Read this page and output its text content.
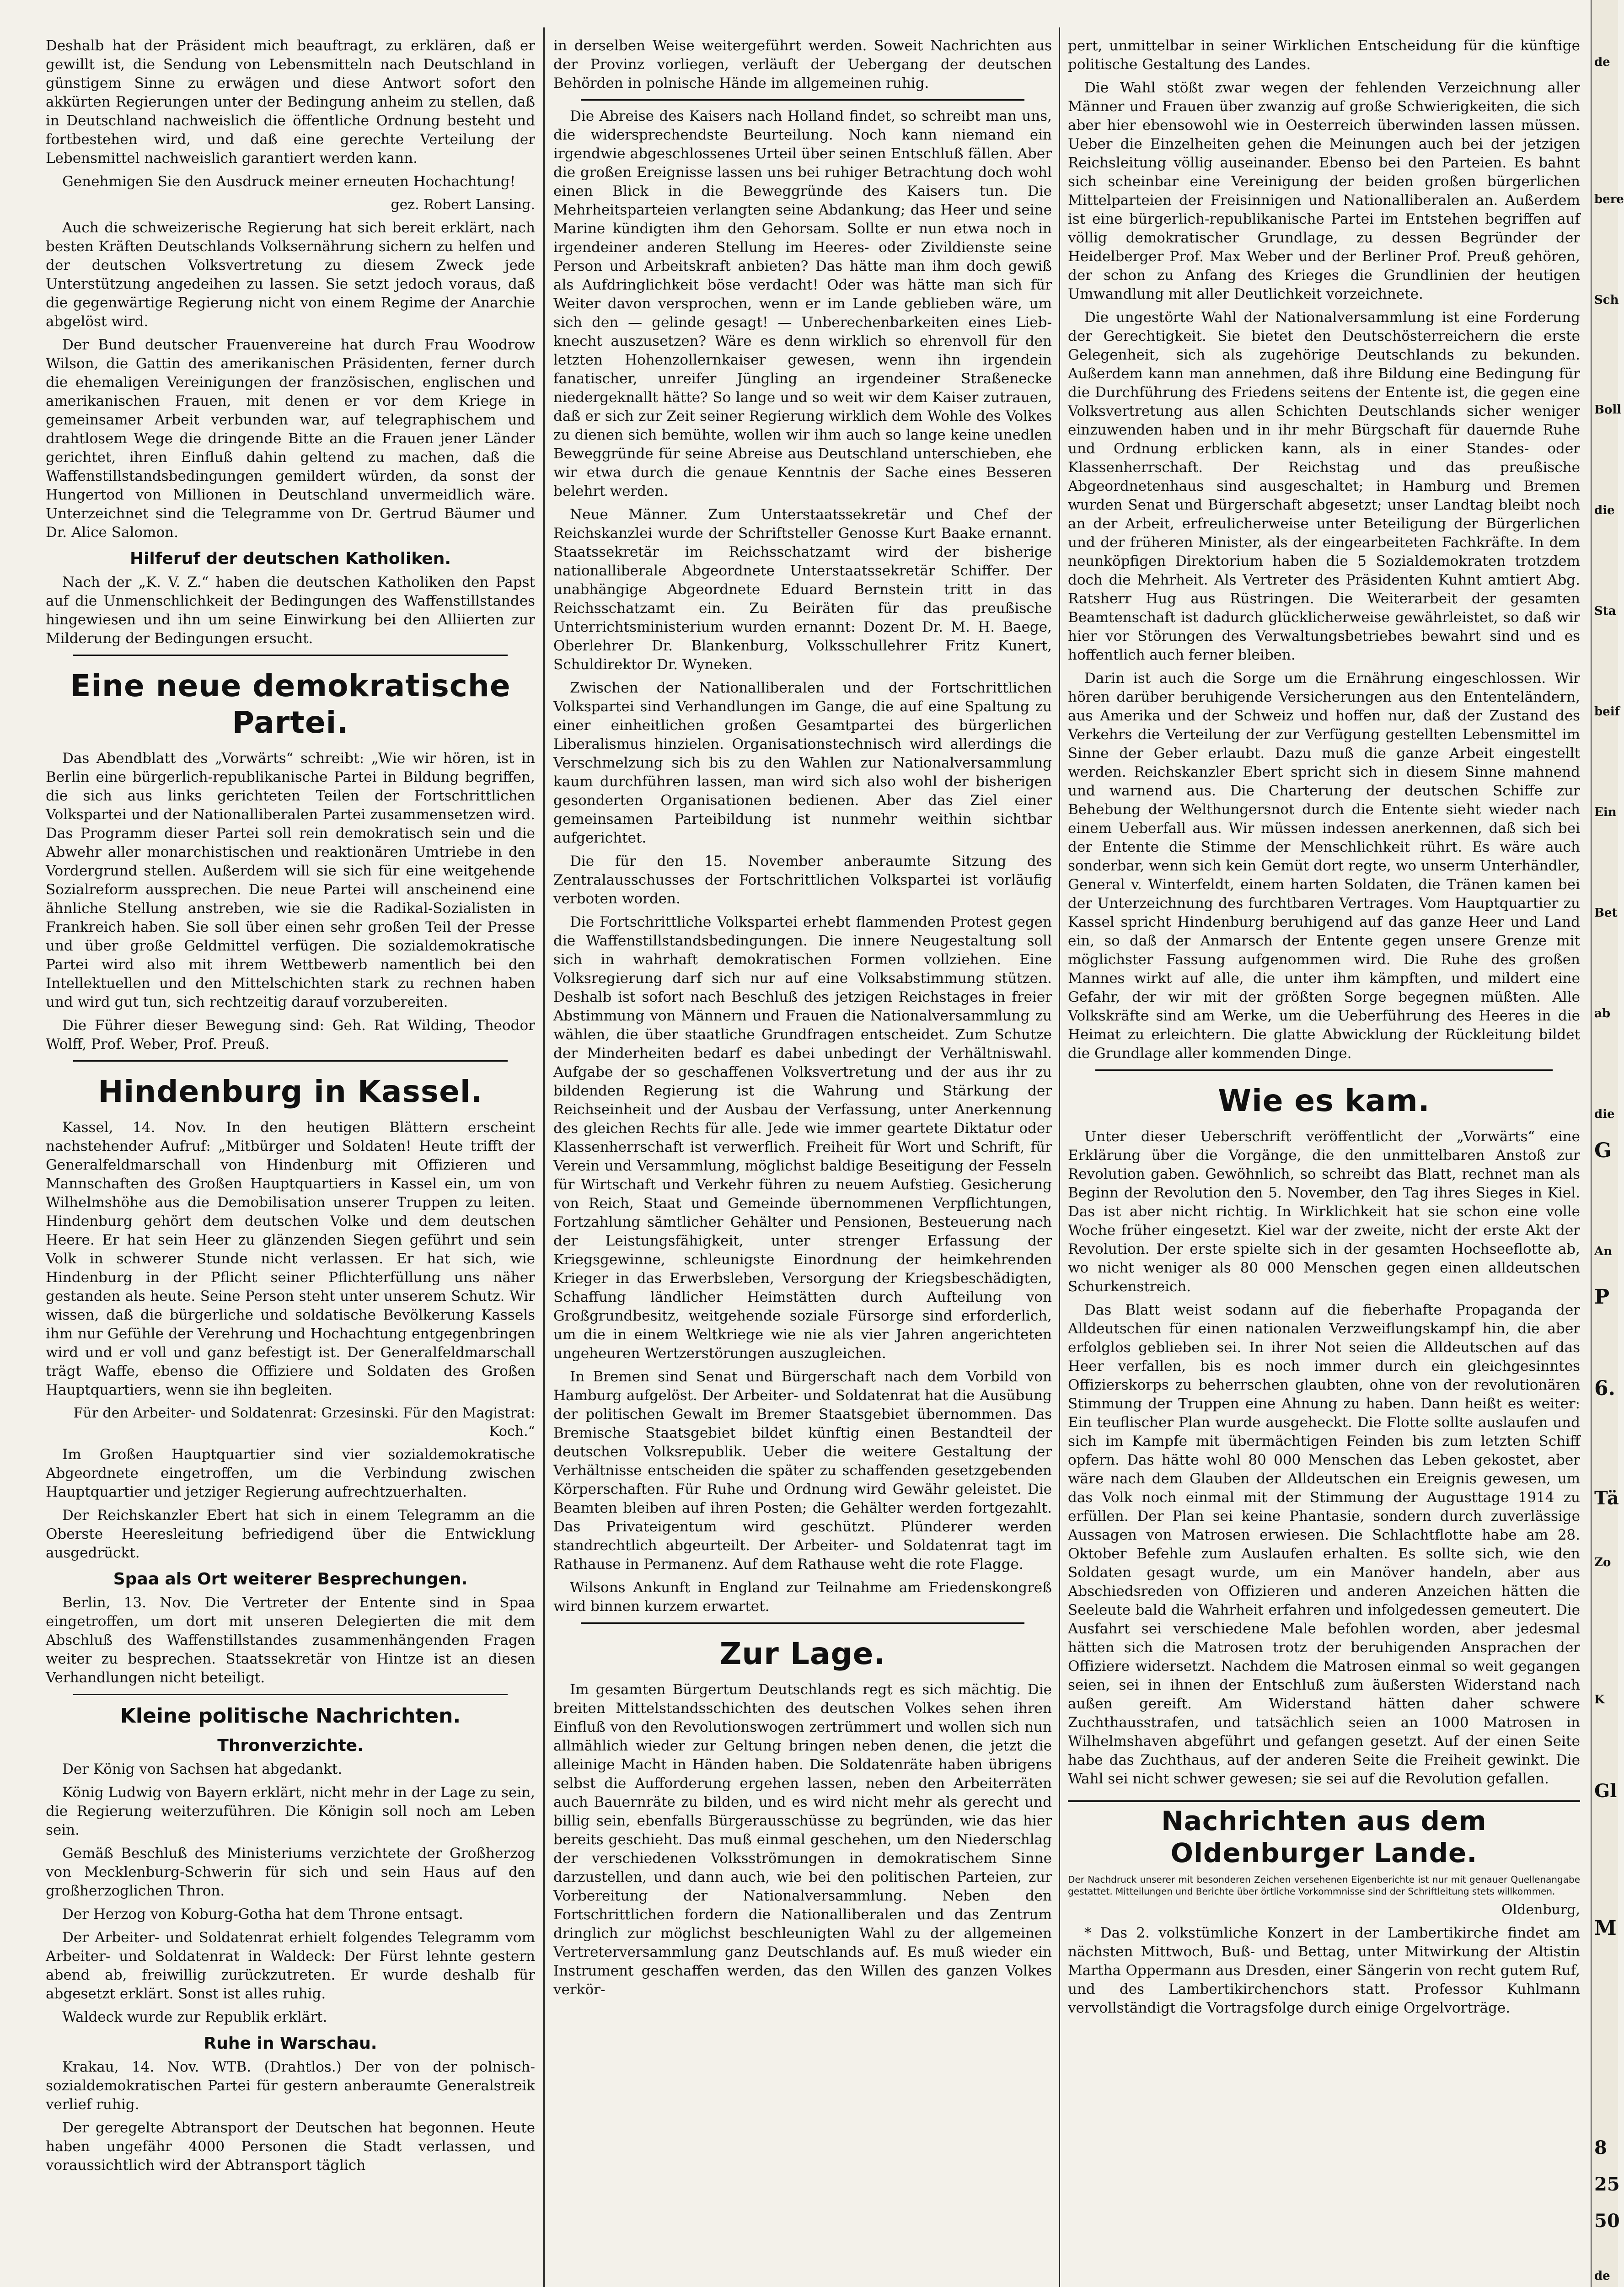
Deshalb hat der Präsident mich beauftragt, zu erklären, daß er gewillt ist, die Sendung von Lebensmitteln nach Deutschland in günstigem Sinne zu erwägen und diese Antwort sofort den akkürten Regierungen unter der Bedingung anheim zu stellen, daß in Deutschland nachweislich die öffentliche Ordnung besteht und fortbestehen wird, und daß eine gerechte Verteilung der Lebensmittel nachweislich garantiert werden kann.

Genehmigen Sie den Ausdruck meiner erneuten Hochachtung!

gez. Robert Lansing.

Auch die schweizerische Regierung hat sich bereit erklärt, nach besten Kräften Deutschlands Volksernährung sichern zu helfen und der deutschen Volksvertretung zu diesem Zweck jede Unterstützung angedeihen zu lassen. Sie setzt jedoch voraus, daß die gegenwärtige Regierung nicht von einem Regime der Anarchie abgelöst wird.

Der Bund deutscher Frauenvereine hat durch Frau Woodrow Wilson, die Gattin des amerikanischen Präsidenten, ferner durch die ehemaligen Vereinigungen der französischen, englischen und amerikanischen Frauen, mit denen er vor dem Kriege in gemeinsamer Arbeit verbunden war, auf telegraphischem und drahtlosem Wege die dringende Bitte an die Frauen jener Länder gerichtet, ihren Einfluß dahin geltend zu machen, daß die Waffenstillstandsbedingungen gemildert würden, da sonst der Hungertod von Millionen in Deutschland unvermeidlich wäre. Unterzeichnet sind die Telegramme von Dr. Gertrud Bäumer und Dr. Alice Salomon.

Hilferuf der deutschen Katholiken.

Nach der „K. V. Z.“ haben die deutschen Katholiken den Papst auf die Unmenschlichkeit der Bedingungen des Waffenstillstandes hingewiesen und ihn um seine Einwirkung bei den Alliierten zur Milderung der Bedingungen ersucht.

Eine neue demokratische Partei.

Das Abendblatt des „Vorwärts“ schreibt: „Wie wir hören, ist in Berlin eine bürgerlich-republikanische Partei in Bildung begriffen, die sich aus links gerichteten Teilen der Fortschrittlichen Volkspartei und der Nationalliberalen Partei zusammensetzen wird. Das Programm dieser Partei soll rein demokratisch sein und die Abwehr aller monarchistischen und reaktionären Umtriebe in den Vordergrund stellen. Außerdem will sie sich für eine weitgehende Sozialreform aussprechen. Die neue Partei will anscheinend eine ähnliche Stellung anstreben, wie sie die Radikal-Sozialisten in Frankreich haben. Sie soll über einen sehr großen Teil der Presse und über große Geldmittel verfügen. Die sozialdemokratische Partei wird also mit ihrem Wettbewerb namentlich bei den Intellektuellen und den Mittelschichten stark zu rechnen haben und wird gut tun, sich rechtzeitig darauf vorzubereiten.

Die Führer dieser Bewegung sind: Geh. Rat Wilding, Theodor Wolff, Prof. Weber, Prof. Preuß.

Hindenburg in Kassel.

Kassel, 14. Nov. In den heutigen Blättern erscheint nachstehender Aufruf: „Mitbürger und Soldaten! Heute trifft der Generalfeldmarschall von Hindenburg mit Offizieren und Mannschaften des Großen Hauptquartiers in Kassel ein, um von Wilhelmshöhe aus die Demobilisation unserer Truppen zu leiten. Hindenburg gehört dem deutschen Volke und dem deutschen Heere. Er hat sein Heer zu glänzenden Siegen geführt und sein Volk in schwerer Stunde nicht verlassen. Er hat sich, wie Hindenburg in der Pflicht seiner Pflichterfüllung uns näher gestanden als heute. Seine Person steht unter unserem Schutz. Wir wissen, daß die bürgerliche und soldatische Bevölkerung Kassels ihm nur Gefühle der Verehrung und Hochachtung entgegenbringen wird und er voll und ganz befestigt ist. Der Generalfeldmarschall trägt Waffe, ebenso die Offiziere und Soldaten des Großen Hauptquartiers, wenn sie ihn begleiten.

Für den Arbeiter- und Soldatenrat: Grzesinski. Für den Magistrat: Koch.“

Im Großen Hauptquartier sind vier sozialdemokratische Abgeordnete eingetroffen, um die Verbindung zwischen Hauptquartier und jetziger Regierung aufrechtzuerhalten.

Der Reichskanzler Ebert hat sich in einem Telegramm an die Oberste Heeresleitung befriedigend über die Entwicklung ausgedrückt.

Spaa als Ort weiterer Besprechungen.

Berlin, 13. Nov. Die Vertreter der Entente sind in Spaa eingetroffen, um dort mit unseren Delegierten die mit dem Abschluß des Waffenstillstandes zusammenhängenden Fragen weiter zu besprechen. Staatssekretär von Hintze ist an diesen Verhandlungen nicht beteiligt.

Kleine politische Nachrichten.
Thronverzichte.

Der König von Sachsen hat abgedankt.

König Ludwig von Bayern erklärt, nicht mehr in der Lage zu sein, die Regierung weiterzuführen. Die Königin soll noch am Leben sein.

Gemäß Beschluß des Ministeriums verzichtete der Großherzog von Mecklenburg-Schwerin für sich und sein Haus auf den großherzoglichen Thron.

Der Herzog von Koburg-Gotha hat dem Throne entsagt.

Der Arbeiter- und Soldatenrat erhielt folgendes Telegramm vom Arbeiter- und Soldatenrat in Waldeck: Der Fürst lehnte gestern abend ab, freiwillig zurückzutreten. Er wurde deshalb für abgesetzt erklärt. Sonst ist alles ruhig.

Waldeck wurde zur Republik erklärt.

Ruhe in Warschau.

Krakau, 14. Nov. WTB. (Drahtlos.) Der von der polnisch-sozialdemokratischen Partei für gestern anberaumte Generalstreik verlief ruhig.

Der geregelte Abtransport der Deutschen hat begonnen. Heute haben ungefähr 4000 Personen die Stadt verlassen, und voraussichtlich wird der Abtransport täglich

in derselben Weise weitergeführt werden. Soweit Nachrichten aus der Provinz vorliegen, verläuft der Uebergang der deutschen Behörden in polnische Hände im allgemeinen ruhig.

Die Abreise des Kaisers nach Holland findet, so schreibt man uns, die widersprechendste Beurteilung. Noch kann niemand ein irgendwie abgeschlossenes Urteil über seinen Entschluß fällen. Aber die großen Ereignisse lassen uns bei ruhiger Betrachtung doch wohl einen Blick in die Beweggründe des Kaisers tun. Die Mehrheitsparteien verlangten seine Abdankung; das Heer und seine Marine kündigten ihm den Gehorsam. Sollte er nun etwa noch in irgendeiner anderen Stellung im Heeres- oder Zivildienste seine Person und Arbeitskraft anbieten? Das hätte man ihm doch gewiß als Aufdringlichkeit böse verdacht! Oder was hätte man sich für Weiter davon versprochen, wenn er im Lande geblieben wäre, um sich den — gelinde gesagt! — Unberechenbarkeiten eines Liebknecht auszusetzen? Wäre es denn wirklich so ehrenvoll für den letzten Hohenzollernkaiser gewesen, wenn ihn irgendein fanatischer, unreifer Jüngling an irgendeiner Straßenecke niedergeknallt hätte? So lange und so weit wir dem Kaiser zutrauen, daß er sich zur Zeit seiner Regierung wirklich dem Wohle des Volkes zu dienen sich bemühte, wollen wir ihm auch so lange keine unedlen Beweggründe für seine Abreise aus Deutschland unterschieben, ehe wir etwa durch die genaue Kenntnis der Sache eines Besseren belehrt werden.

Neue Männer. Zum Unterstaatssekretär und Chef der Reichskanzlei wurde der Schriftsteller Genosse Kurt Baake ernannt. Staatssekretär im Reichsschatzamt wird der bisherige nationalliberale Abgeordnete Unterstaatssekretär Schiffer. Der unabhängige Abgeordnete Eduard Bernstein tritt in das Reichsschatzamt ein. Zu Beiräten für das preußische Unterrichtsministerium wurden ernannt: Dozent Dr. M. H. Baege, Oberlehrer Dr. Blankenburg, Volksschullehrer Fritz Kunert, Schuldirektor Dr. Wyneken.

Zwischen der Nationalliberalen und der Fortschrittlichen Volkspartei sind Verhandlungen im Gange, die auf eine Spaltung zu einer einheitlichen großen Gesamtpartei des bürgerlichen Liberalismus hinzielen. Organisationstechnisch wird allerdings die Verschmelzung sich bis zu den Wahlen zur Nationalversammlung kaum durchführen lassen, man wird sich also wohl der bisherigen gesonderten Organisationen bedienen. Aber das Ziel einer gemeinsamen Parteibildung ist nunmehr weithin sichtbar aufgerichtet.

Die für den 15. November anberaumte Sitzung des Zentralausschusses der Fortschrittlichen Volkspartei ist vorläufig verboten worden.

Die Fortschrittliche Volkspartei erhebt flammenden Protest gegen die Waffenstillstandsbedingungen. Die innere Neugestaltung soll sich in wahrhaft demokratischen Formen vollziehen. Eine Volksregierung darf sich nur auf eine Volksabstimmung stützen. Deshalb ist sofort nach Beschluß des jetzigen Reichstages in freier Abstimmung von Männern und Frauen die Nationalversammlung zu wählen, die über staatliche Grundfragen entscheidet. Zum Schutze der Minderheiten bedarf es dabei unbedingt der Verhältniswahl. Aufgabe der so geschaffenen Volksvertretung und der aus ihr zu bildenden Regierung ist die Wahrung und Stärkung der Reichseinheit und der Ausbau der Verfassung, unter Anerkennung des gleichen Rechts für alle. Jede wie immer geartete Diktatur oder Klassenherrschaft ist verwerflich. Freiheit für Wort und Schrift, für Verein und Versammlung, möglichst baldige Beseitigung der Fesseln für Wirtschaft und Verkehr führen zu neuem Aufstieg. Gesicherung von Reich, Staat und Gemeinde übernommenen Verpflichtungen, Fortzahlung sämtlicher Gehälter und Pensionen, Besteuerung nach der Leistungsfähigkeit, unter strenger Erfassung der Kriegsgewinne, schleunigste Einordnung der heimkehrenden Krieger in das Erwerbsleben, Versorgung der Kriegsbeschädigten, Schaffung ländlicher Heimstätten durch Aufteilung von Großgrundbesitz, weitgehende soziale Fürsorge sind erforderlich, um die in einem Weltkriege wie nie als vier Jahren angerichteten ungeheuren Wertzerstörungen auszugleichen.

In Bremen sind Senat und Bürgerschaft nach dem Vorbild von Hamburg aufgelöst. Der Arbeiter- und Soldatenrat hat die Ausübung der politischen Gewalt im Bremer Staatsgebiet übernommen. Das Bremische Staatsgebiet bildet künftig einen Bestandteil der deutschen Volksrepublik. Ueber die weitere Gestaltung der Verhältnisse entscheiden die später zu schaffenden gesetzgebenden Körperschaften. Für Ruhe und Ordnung wird Gewähr geleistet. Die Beamten bleiben auf ihren Posten; die Gehälter werden fortgezahlt. Das Privateigentum wird geschützt. Plünderer werden standrechtlich abgeurteilt. Der Arbeiter- und Soldatenrat tagt im Rathause in Permanenz. Auf dem Rathause weht die rote Flagge.

Wilsons Ankunft in England zur Teilnahme am Friedenskongreß wird binnen kurzem erwartet.

Zur Lage.

Im gesamten Bürgertum Deutschlands regt es sich mächtig. Die breiten Mittelstandsschichten des deutschen Volkes sehen ihren Einfluß von den Revolutionswogen zertrümmert und wollen sich nun allmählich wieder zur Geltung bringen neben denen, die jetzt die alleinige Macht in Händen haben. Die Soldatenräte haben übrigens selbst die Aufforderung ergehen lassen, neben den Arbeiterräten auch Bauernräte zu bilden, und es wird nicht mehr als gerecht und billig sein, ebenfalls Bürgerausschüsse zu begründen, wie das hier bereits geschieht. Das muß einmal geschehen, um den Niederschlag der verschiedenen Volksströmungen in demokratischem Sinne darzustellen, und dann auch, wie bei den politischen Parteien, zur Vorbereitung der Nationalversammlung. Neben den Fortschrittlichen fordern die Nationalliberalen und das Zentrum dringlich zur möglichst beschleunigten Wahl zu der allgemeinen Vertreterversammlung ganz Deutschlands auf. Es muß wieder ein Instrument geschaffen werden, das den Willen des ganzen Volkes verkör-

pert, unmittelbar in seiner Wirklichen Entscheidung für die künftige politische Gestaltung des Landes.

Die Wahl stößt zwar wegen der fehlenden Verzeichnung aller Männer und Frauen über zwanzig auf große Schwierigkeiten, die sich aber hier ebensowohl wie in Oesterreich überwinden lassen müssen. Ueber die Einzelheiten gehen die Meinungen auch bei der jetzigen Reichsleitung völlig auseinander. Ebenso bei den Parteien. Es bahnt sich scheinbar eine Vereinigung der beiden großen bürgerlichen Mittelparteien der Freisinnigen und Nationalliberalen an. Außerdem ist eine bürgerlich-republikanische Partei im Entstehen begriffen auf völlig demokratischer Grundlage, zu dessen Begründer der Heidelberger Prof. Max Weber und der Berliner Prof. Preuß gehören, der schon zu Anfang des Krieges die Grundlinien der heutigen Umwandlung mit aller Deutlichkeit vorzeichnete.

Die ungestörte Wahl der Nationalversammlung ist eine Forderung der Gerechtigkeit. Sie bietet den Deutschösterreichern die erste Gelegenheit, sich als zugehörige Deutschlands zu bekunden. Außerdem kann man annehmen, daß ihre Bildung eine Bedingung für die Durchführung des Friedens seitens der Entente ist, die gegen eine Volksvertretung aus allen Schichten Deutschlands sicher weniger einzuwenden haben und in ihr mehr Bürgschaft für dauernde Ruhe und Ordnung erblicken kann, als in einer Standes- oder Klassenherrschaft. Der Reichstag und das preußische Abgeordnetenhaus sind ausgeschaltet; in Hamburg und Bremen wurden Senat und Bürgerschaft abgesetzt; unser Landtag bleibt noch an der Arbeit, erfreulicherweise unter Beteiligung der Bürgerlichen und der früheren Minister, als der eingearbeiteten Fachkräfte. In dem neunköpfigen Direktorium haben die 5 Sozialdemokraten trotzdem doch die Mehrheit. Als Vertreter des Präsidenten Kuhnt amtiert Abg. Ratsherr Hug aus Rüstringen. Die Weiterarbeit der gesamten Beamtenschaft ist dadurch glücklicherweise gewährleistet, so daß wir hier vor Störungen des Verwaltungsbetriebes bewahrt sind und es hoffentlich auch ferner bleiben.

Darin ist auch die Sorge um die Ernährung eingeschlossen. Wir hören darüber beruhigende Versicherungen aus den Ententeländern, aus Amerika und der Schweiz und hoffen nur, daß der Zustand des Verkehrs die Verteilung der zur Verfügung gestellten Lebensmittel im Sinne der Geber erlaubt. Dazu muß die ganze Arbeit eingestellt werden. Reichskanzler Ebert spricht sich in diesem Sinne mahnend und warnend aus. Die Charterung der deutschen Schiffe zur Behebung der Welthungersnot durch die Entente sieht wieder nach einem Ueberfall aus. Wir müssen indessen anerkennen, daß sich bei der Entente die Stimme der Menschlichkeit rührt. Es wäre auch sonderbar, wenn sich kein Gemüt dort regte, wo unserm Unterhändler, General v. Winterfeldt, einem harten Soldaten, die Tränen kamen bei der Unterzeichnung des furchtbaren Vertrages. Vom Hauptquartier zu Kassel spricht Hindenburg beruhigend auf das ganze Heer und Land ein, so daß der Anmarsch der Entente gegen unsere Grenze mit möglichster Fassung aufgenommen wird. Die Ruhe des großen Mannes wirkt auf alle, die unter ihm kämpften, und mildert eine Gefahr, der wir mit der größten Sorge begegnen müßten. Alle Volkskräfte sind am Werke, um die Ueberführung des Heeres in die Heimat zu erleichtern. Die glatte Abwicklung der Rückleitung bildet die Grundlage aller kommenden Dinge.

Wie es kam.

Unter dieser Ueberschrift veröffentlicht der „Vorwärts“ eine Erklärung über die Vorgänge, die den unmittelbaren Anstoß zur Revolution gaben. Gewöhnlich, so schreibt das Blatt, rechnet man als Beginn der Revolution den 5. November, den Tag ihres Sieges in Kiel. Das ist aber nicht richtig. In Wirklichkeit hat sie schon eine volle Woche früher eingesetzt. Kiel war der zweite, nicht der erste Akt der Revolution. Der erste spielte sich in der gesamten Hochseeflotte ab, wo nicht weniger als 80 000 Menschen gegen einen alldeutschen Schurkenstreich.

Das Blatt weist sodann auf die fieberhafte Propaganda der Alldeutschen für einen nationalen Verzweiflungskampf hin, die aber erfolglos geblieben sei. In ihrer Not seien die Alldeutschen auf das Heer verfallen, bis es noch immer durch ein gleichgesinntes Offizierskorps zu beherrschen glaubten, ohne von der revolutionären Stimmung der Truppen eine Ahnung zu haben. Dann heißt es weiter: Ein teuflischer Plan wurde ausgeheckt. Die Flotte sollte auslaufen und sich im Kampfe mit übermächtigen Feinden bis zum letzten Schiff opfern. Das hätte wohl 80 000 Menschen das Leben gekostet, aber wäre nach dem Glauben der Alldeutschen ein Ereignis gewesen, um das Volk noch einmal mit der Stimmung der Augusttage 1914 zu erfüllen. Der Plan sei keine Phantasie, sondern durch zuverlässige Aussagen von Matrosen erwiesen. Die Schlachtflotte habe am 28. Oktober Befehle zum Auslaufen erhalten. Es sollte sich, wie den Soldaten gesagt wurde, um ein Manöver handeln, aber aus Abschiedsreden von Offizieren und anderen Anzeichen hätten die Seeleute bald die Wahrheit erfahren und infolgedessen gemeutert. Die Ausfahrt sei verschiedene Male befohlen worden, aber jedesmal hätten sich die Matrosen trotz der beruhigenden Ansprachen der Offiziere widersetzt. Nachdem die Matrosen einmal so weit gegangen seien, sei in ihnen der Entschluß zum äußersten Widerstand nach außen gereift. Am Widerstand hätten daher schwere Zuchthausstrafen, und tatsächlich seien an 1000 Matrosen in Wilhelmshaven abgeführt und gefangen gesetzt. Auf der einen Seite habe das Zuchthaus, auf der anderen Seite die Freiheit gewinkt. Die Wahl sei nicht schwer gewesen; sie sei auf die Revolution gefallen.

Nachrichten aus dem Oldenburger Lande.

Der Nachdruck unserer mit besonderen Zeichen versehenen Eigenberichte ist nur mit genauer Quellenangabe gestattet. Mitteilungen und Berichte über örtliche Vorkommnisse sind der Schriftleitung stets willkommen.

Oldenburg,

* Das 2. volkstümliche Konzert in der Lambertikirche findet am nächsten Mittwoch, Buß- und Bettag, unter Mitwirkung der Altistin Martha Oppermann aus Dresden, einer Sängerin von recht gutem Ruf, und des Lambertikirchenchors statt. Professor Kuhlmann vervollständigt die Vortragsfolge durch einige Orgelvorträge.

de
bere
Sch
Boll
die
Sta
beif
Ein
Bet
ab
die
G
An
P
6.
Tä
Zo
K
Gl
M
8
25
50
de
